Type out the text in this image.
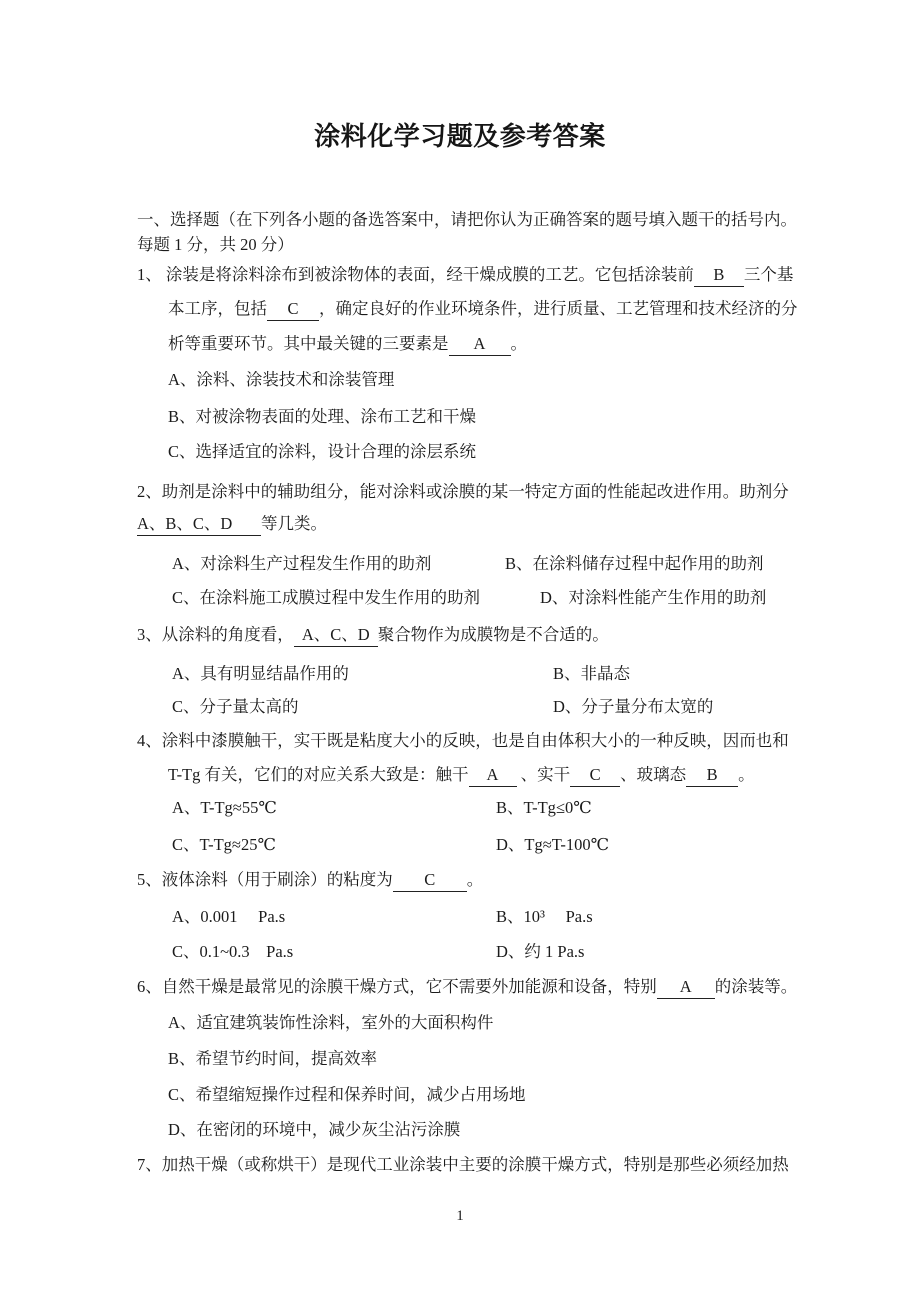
涂料化学习题及参考答案
一、选择题（在下列各小题的备选答案中，请把你认为正确答案的题号填入题干的括号内。
每题 1 分，共 20 分）
1、 涂装是将涂料涂布到被涂物体的表面，经干燥成膜的工艺。它包括涂装前 B 三个基
本工序，包括 C ，确定良好的作业环境条件，进行质量、工艺管理和技术经济的分
析等重要环节。其中最关键的三要素是 A 。
A、涂料、涂装技术和涂装管理
B、对被涂物表面的处理、涂布工艺和干燥
C、选择适宜的涂料，设计合理的涂层系统
2、助剂是涂料中的辅助组分，能对涂料或涂膜的某一特定方面的性能起改进作用。助剂分
A、B、C、D 等几类。
A、对涂料生产过程发生作用的助剂	B、在涂料储存过程中起作用的助剂
C、在涂料施工成膜过程中发生作用的助剂	D、对涂料性能产生作用的助剂
3、从涂料的角度看， A、C、D 聚合物作为成膜物是不合适的。
A、具有明显结晶作用的	B、非晶态
C、分子量太高的	D、分子量分布太宽的
4、涂料中漆膜触干，实干既是粘度大小的反映，也是自由体积大小的一种反映，因而也和
T-Tg 有关，它们的对应关系大致是：触干 A 、实干 C 、玻璃态 B 。
A、T-Tg≈55℃	B、T-Tg≤0℃
C、T-Tg≈25℃	D、Tg≈T-100℃
5、液体涂料（用于刷涂）的粘度为 C 。
A、0.001　 Pa.s	B、10³　 Pa.s
C、0.1~0.3　Pa.s	D、约 1 Pa.s
6、自然干燥是最常见的涂膜干燥方式，它不需要外加能源和设备，特别 A 的涂装等。
A、适宜建筑装饰性涂料，室外的大面积构件
B、希望节约时间，提高效率
C、希望缩短操作过程和保养时间，减少占用场地
D、在密闭的环境中，减少灰尘沾污涂膜
7、加热干燥（或称烘干）是现代工业涂装中主要的涂膜干燥方式，特别是那些必须经加热
1
